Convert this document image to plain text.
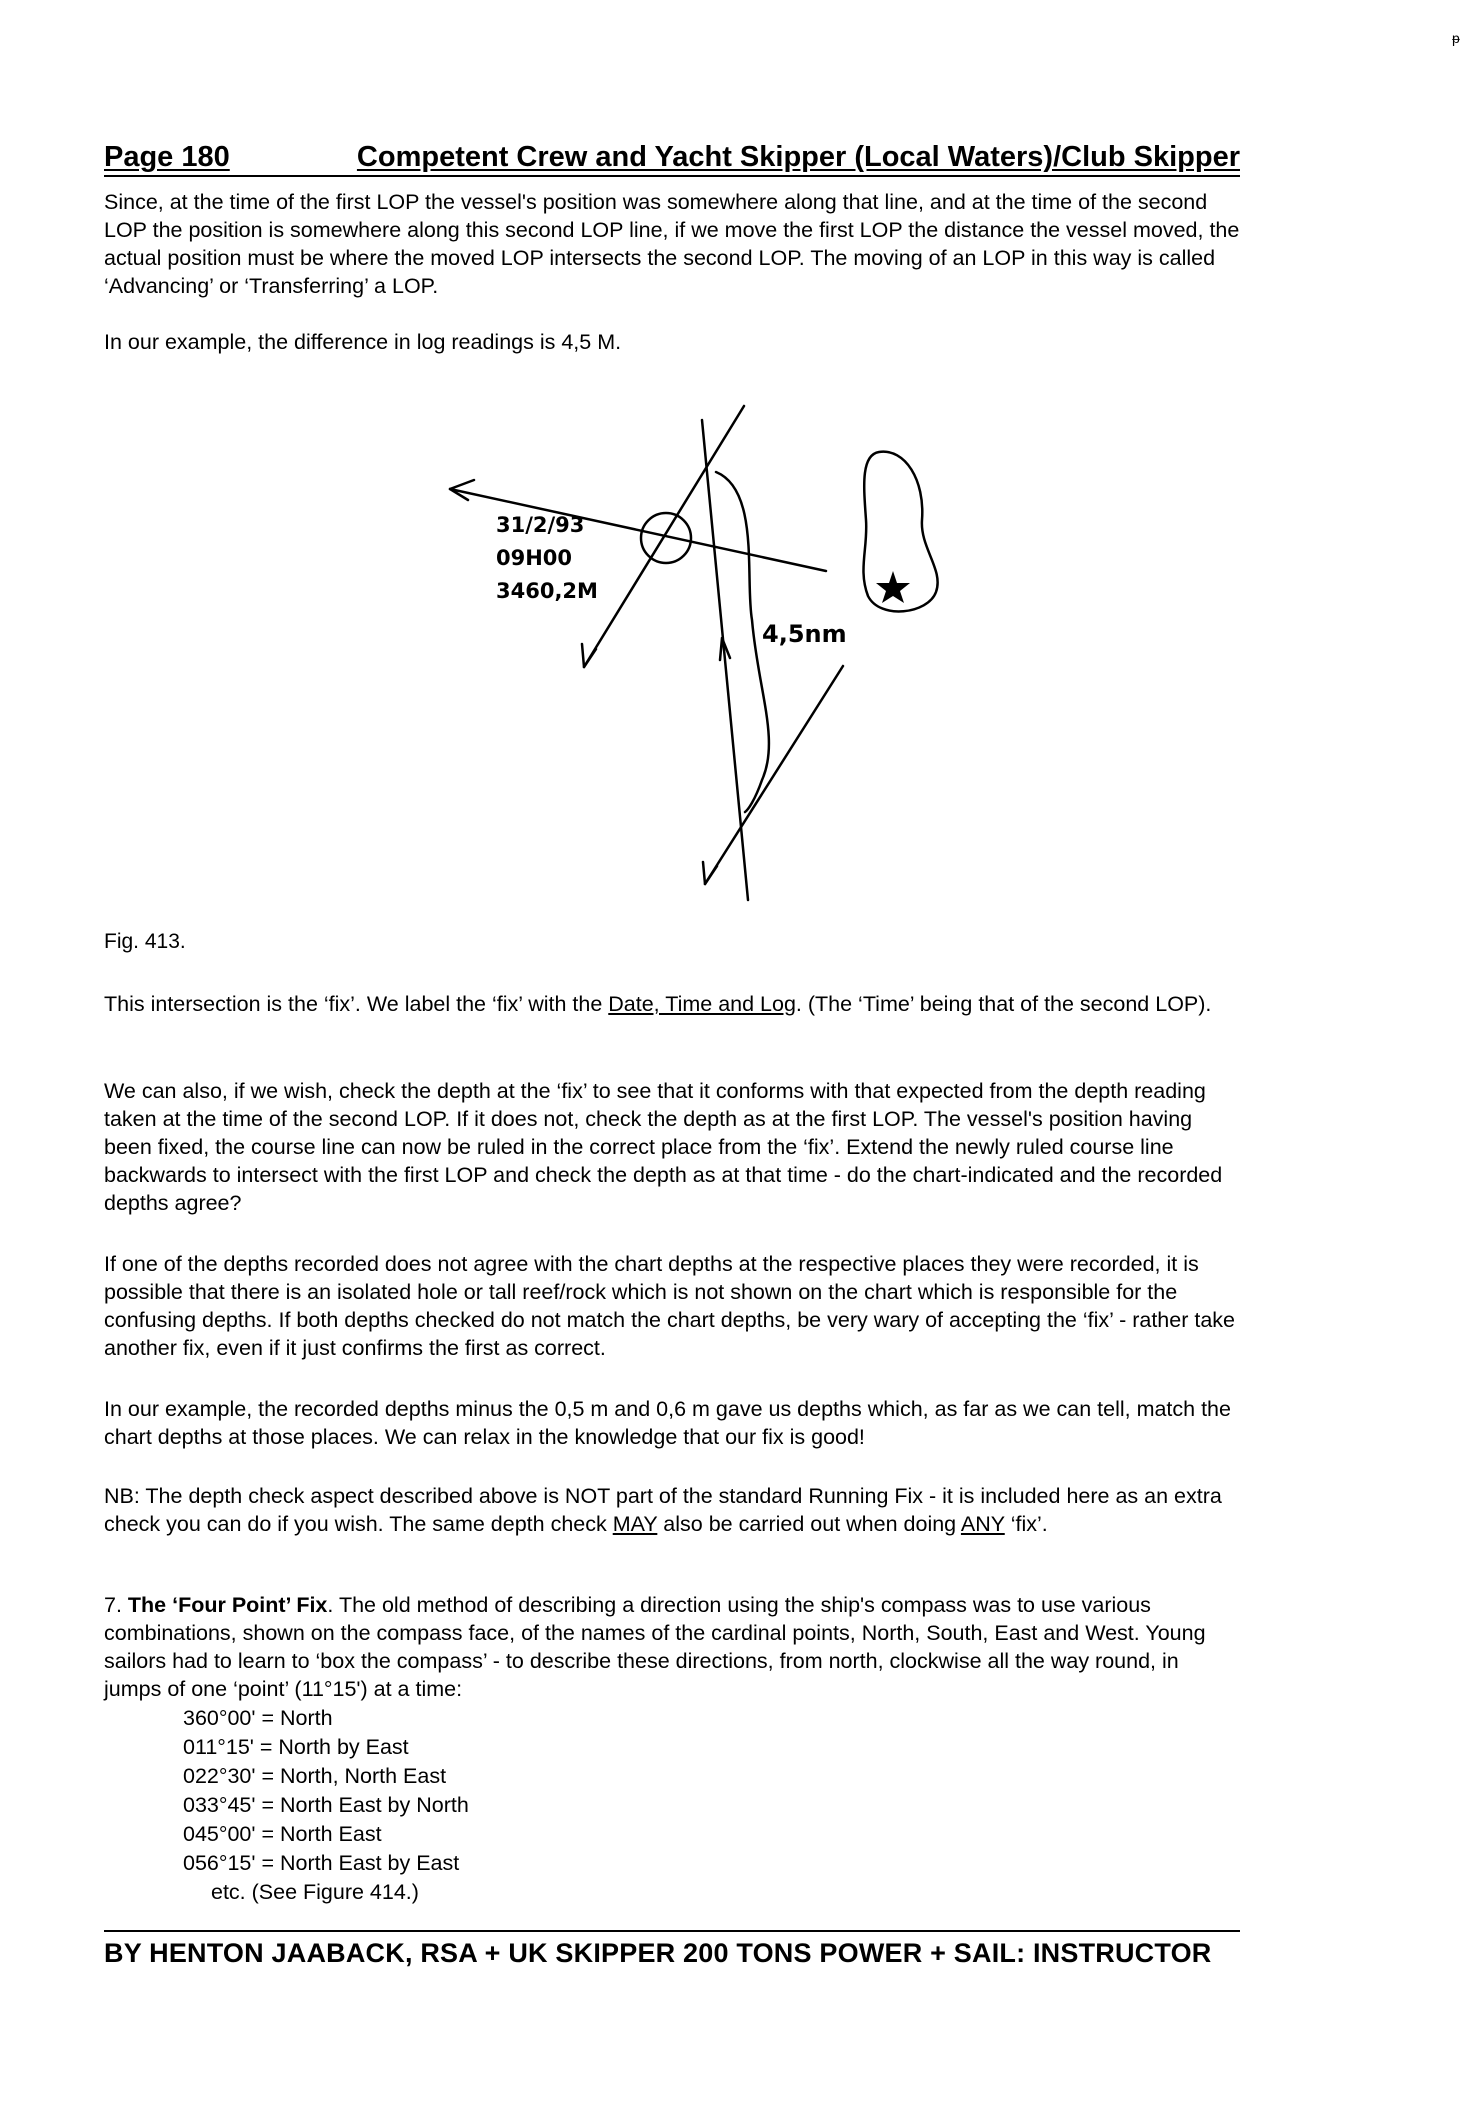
ᵽ
Page 180	Competent Crew and Yacht Skipper (Local Waters)/Club Skipper

Since, at the time of the first LOP the vessel's position was somewhere along that line, and at the time of the second LOP the position is somewhere along this second LOP line, if we move the first LOP the distance the vessel moved, the actual position must be where the moved LOP intersects the second LOP. The moving of an LOP in this way is called ‘Advancing’ or ‘Transferring’ a LOP.

In our example, the difference in log readings is 4,5 M.

31/2/93
09H00
3460,2M
4,5nm
Fig. 413.

This intersection is the ‘fix’. We label the ‘fix’ with the Date, Time and Log. (The ‘Time’ being that of the second LOP).

We can also, if we wish, check the depth at the ‘fix’ to see that it conforms with that expected from the depth reading taken at the time of the second LOP. If it does not, check the depth as at the first LOP. The vessel's position having been fixed, the course line can now be ruled in the correct place from the ‘fix’. Extend the newly ruled course line backwards to intersect with the first LOP and check the depth as at that time - do the chart-indicated and the recorded depths agree?

If one of the depths recorded does not agree with the chart depths at the respective places they were recorded, it is possible that there is an isolated hole or tall reef/rock which is not shown on the chart which is responsible for the confusing depths. If both depths checked do not match the chart depths, be very wary of accepting the ‘fix’ - rather take another fix, even if it just confirms the first as correct.

In our example, the recorded depths minus the 0,5 m and 0,6 m gave us depths which, as far as we can tell, match the chart depths at those places. We can relax in the knowledge that our fix is good!

NB: The depth check aspect described above is NOT part of the standard Running Fix - it is included here as an extra check you can do if you wish. The same depth check MAY also be carried out when doing ANY ‘fix’.

7. The ‘Four Point’ Fix. The old method of describing a direction using the ship's compass was to use various combinations, shown on the compass face, of the names of the cardinal points, North, South, East and West. Young sailors had to learn to ‘box the compass’ - to describe these directions, from north, clockwise all the way round, in jumps of one ‘point’ (11°15') at a time:

360°00' = North
011°15' = North by East
022°30' = North, North East
033°45' = North East by North
045°00' = North East
056°15' = North East by East
etc. (See Figure 414.)
BY HENTON JAABACK, RSA + UK SKIPPER 200 TONS POWER + SAIL: INSTRUCTOR
